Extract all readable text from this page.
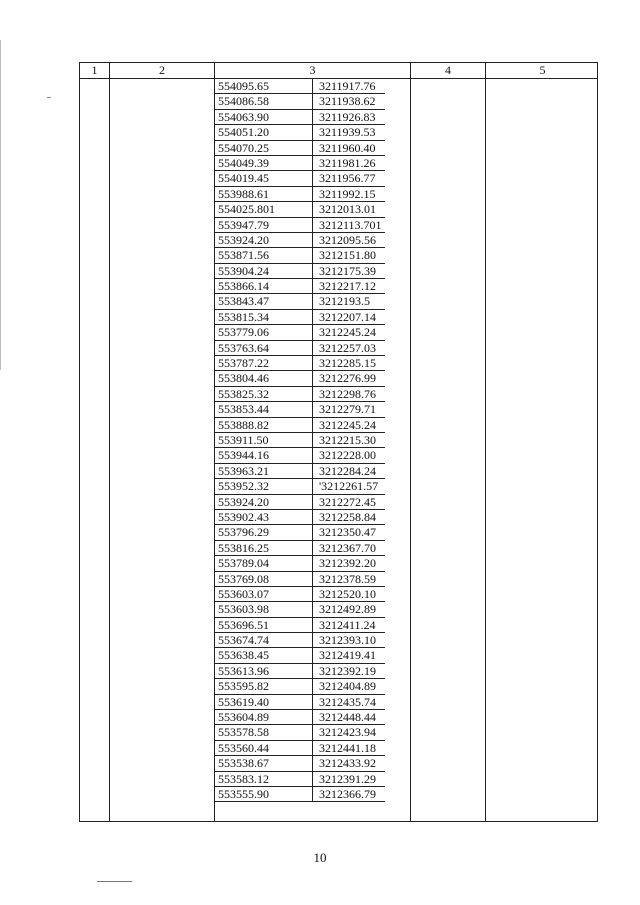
1	2	3	4	5
554095.65	3211917.76
554086.58	3211938.62
554063.90	3211926.83
554051.20	3211939.53
554070.25	3211960.40
554049.39	3211981.26
554019.45	3211956.77
553988.61	3211992.15
554025.801	3212013.01
553947.79	3212113.701
553924.20	3212095.56
553871.56	3212151.80
553904.24	3212175.39
553866.14	3212217.12
553843.47	3212193.5
553815.34	3212207.14
553779.06	3212245.24
553763.64	3212257.03
553787.22	3212285.15
553804.46	3212276.99
553825.32	3212298.76
553853.44	3212279.71
553888.82	3212245.24
553911.50	3212215.30
553944.16	3212228.00
553963.21	3212284.24
553952.32	'3212261.57
553924.20	3212272.45
553902.43	3212258.84
553796.29	3212350.47
553816.25	3212367.70
553789.04	3212392.20
553769.08	3212378.59
553603.07	3212520.10
553603.98	3212492.89
553696.51	3212411.24
553674.74	3212393.10
553638.45	3212419.41
553613.96	3212392.19
553595.82	3212404.89
553619.40	3212435.74
553604.89	3212448.44
553578.58	3212423.94
553560.44	3212441.18
553538.67	3212433.92
553583.12	3212391.29
553555.90	3212366.79
10
